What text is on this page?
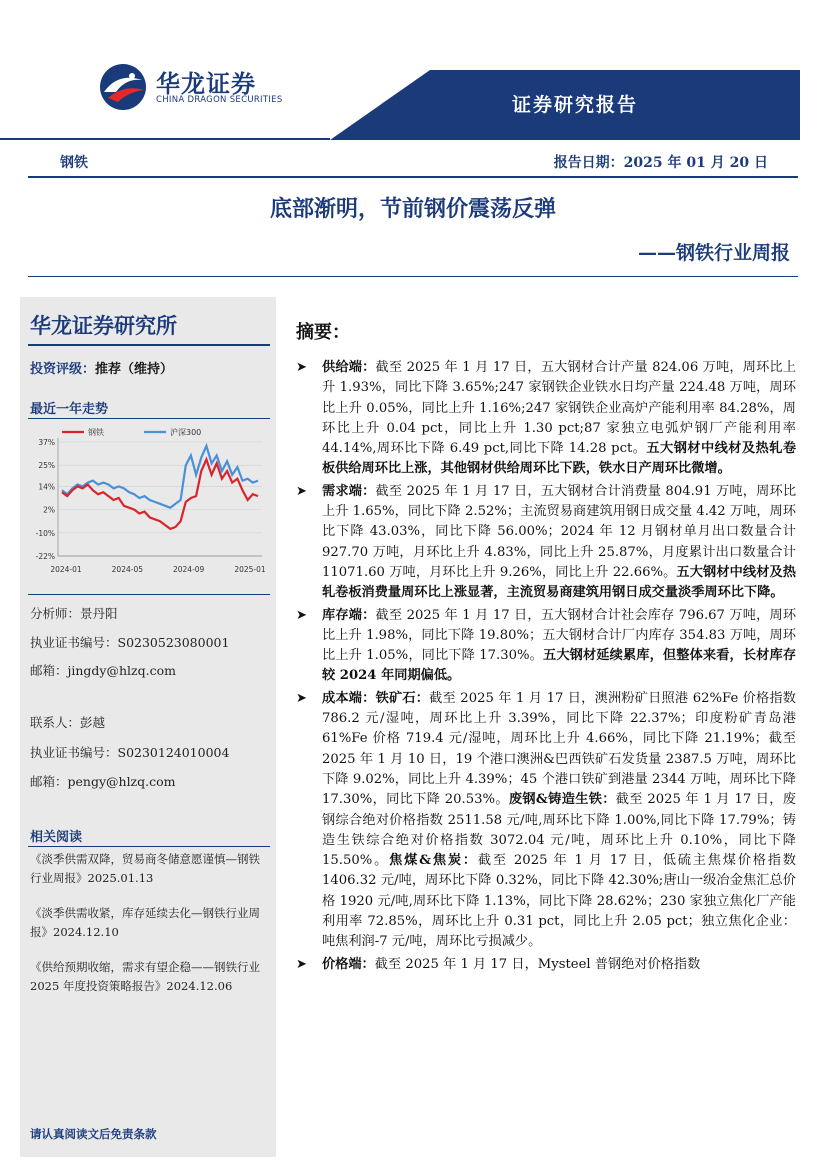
华龙证券
CHINA DRAGON SECURITIES	证券研究报告
钢铁	报告日期：2025 年 01 月 20 日
底部渐明，节前钢价震荡反弹
——钢铁行业周报
华龙证券研究所
投资评级：推荐（维持）
最近一年走势
37%
25%
14%
2%
-10%
-22%
2024-01	2024-05	2024-09	2025-01
钢铁	沪深300
分析师：景丹阳
执业证书编号：S0230523080001
邮箱：jingdy@hlzq.com
联系人：彭越
执业证书编号：S0230124010004
邮箱：pengy@hlzq.com
相关阅读
《淡季供需双降，贸易商冬储意愿谨慎—钢铁行业周报》2025.01.13
《淡季供需收紧，库存延续去化—钢铁行业周报》2024.12.10
《供给预期收缩，需求有望企稳——钢铁行业 2025 年度投资策略报告》2024.12.06
请认真阅读文后免责条款
摘要：

➤ 供给端：截至 2025 年 1 月 17 日，五大钢材合计产量 824.06 万吨，周环比上升 1.93%，同比下降 3.65%;247 家钢铁企业铁水日均产量 224.48 万吨，周环比上升 0.05%，同比上升 1.16%;247 家钢铁企业高炉产能利用率 84.28%，周环比上升 0.04 pct，同比上升 1.30 pct;87 家独立电弧炉钢厂产能利用率 44.14%,周环比下降 6.49 pct,同比下降 14.28 pct。五大钢材中线材及热轧卷板供给周环比上涨，其他钢材供给周环比下跌，铁水日产周环比微增。

➤ 需求端：截至 2025 年 1 月 17 日，五大钢材合计消费量 804.91 万吨，周环比上升 1.65%，同比下降 2.52%；主流贸易商建筑用钢日成交量 4.42 万吨，周环比下降 43.03%，同比下降 56.00%；2024 年 12 月钢材单月出口数量合计 927.70 万吨，月环比上升 4.83%，同比上升 25.87%，月度累计出口数量合计 11071.60 万吨，月环比上升 9.26%，同比上升 22.66%。五大钢材中线材及热轧卷板消费量周环比上涨显著，主流贸易商建筑用钢日成交量淡季周环比下降。

➤ 库存端：截至 2025 年 1 月 17 日，五大钢材合计社会库存 796.67 万吨，周环比上升 1.98%，同比下降 19.80%；五大钢材合计厂内库存 354.83 万吨，周环比上升 1.05%，同比下降 17.30%。五大钢材延续累库，但整体来看，长材库存较 2024 年同期偏低。

➤ 成本端：铁矿石：截至 2025 年 1 月 17 日，澳洲粉矿日照港 62%Fe 价格指数 786.2 元/湿吨，周环比上升 3.39%，同比下降 22.37%；印度粉矿青岛港 61%Fe 价格 719.4 元/湿吨，周环比上升 4.66%，同比下降 21.19%；截至 2025 年 1 月 10 日，19 个港口澳洲&巴西铁矿石发货量 2387.5 万吨，周环比下降 9.02%，同比上升 4.39%；45 个港口铁矿到港量 2344 万吨，周环比下降 17.30%，同比下降 20.53%。废钢&铸造生铁：截至 2025 年 1 月 17 日，废钢综合绝对价格指数 2511.58 元/吨,周环比下降 1.00%,同比下降 17.79%；铸造生铁综合绝对价格指数 3072.04 元/吨，周环比上升 0.10%，同比下降 15.50%。焦煤&焦炭：截至 2025 年 1 月 17 日，低硫主焦煤价格指数 1406.32 元/吨，周环比下降 0.32%，同比下降 42.30%;唐山一级冶金焦汇总价格 1920 元/吨,周环比下降 1.13%，同比下降 28.62%；230 家独立焦化厂产能利用率 72.85%，周环比上升 0.31 pct，同比上升 2.05 pct；独立焦化企业：吨焦利润-7 元/吨，周环比亏损减少。

➤ 价格端：截至 2025 年 1 月 17 日，Mysteel 普钢绝对价格指数
